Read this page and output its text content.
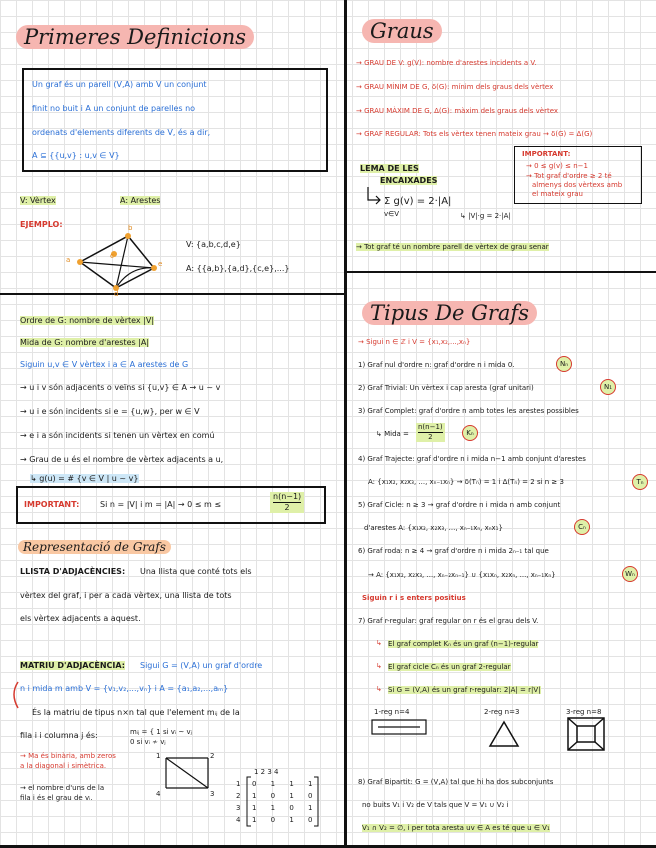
Primeres Definicions
Un graf és un parell (V,A) amb V un conjunt
finit no buit i A un conjunt de parelles no
ordenats d'elements diferents de V, és a dir,
A ⊆ {{u,v} : u,v ∈ V}
V: Vèrtex	A: Arestes
EJEMPLO:
a
b
c
d
e
V: {a,b,c,d,e}
A: {{a,b},{a,d},{c,e},...}
Ordre de G: nombre de vèrtex |V|
Mida de G: nombre d'arestes |A|
Siguin u,v ∈ V vèrtex i a ∈ A arestes de G
→ u i v són adjacents o veïns si {u,v} ∈ A → u ~ v
→ u i e són incidents si e = {u,w}, per w ∈ V
→ e i a són incidents si tenen un vèrtex en comú
→ Grau de u és el nombre de vèrtex adjacents a u,
↳ g(u) = # {v ∈ V | u ~ v}
IMPORTANT:	Si n = |V| i m = |A| → 0 ≤ m ≤	$\frac{n(n-1)}{2}$
Representació de Grafs
LLISTA D'ADJACÈNCIES: Una llista que conté tots els
vèrtex del graf, i per a cada vèrtex, una llista de tots
els vèrtex adjacents a aquest.
MATRIU D'ADJACÈNCIA: Sigui G = (V,A) un graf d'ordre
n i mida m amb V = {v₁,v₂,...,vₙ} i A = {a₁,a₂,...,aₘ}
És la matriu de tipus n×n tal que l'element mᵢⱼ de la
fila i i columna j és:	mᵢⱼ = { 1 si vᵢ ~ vⱼ
0 si vᵢ ≁ vⱼ
→ Ma és binària, amb zeros
a la diagonal i simètrica.
→ el nombre d'uns de la
fila i és el grau de vᵢ.
1	2
3
4
1 2 3 4
1 0 1 1 1
2 1 0 1 0
3 1 1 0 1
4 1 0 1 0
Graus
→ GRAU DE V: g(V): nombre d'arestes incidents a V.
→ GRAU MÍNIM DE G, δ(G): mínim dels graus dels vèrtex
→ GRAU MÀXIM DE G, Δ(G): màxim dels graus dels vèrtex
→ GRAF REGULAR: Tots els vèrtex tenen mateix grau → δ(G) = Δ(G)
IMPORTANT:
→ 0 ≤ g(v) ≤ n−1
→ Tot graf d'ordre ≥ 2 té
almenys dos vèrtexs amb
el mateix grau
LEMA DE LES
ENCAIXADES
Σ g(v) = 2·|A|
v∈V	↳ |V|·g = 2·|A|
→ Tot graf té un nombre parell de vèrtex de grau senar
Tipus De Grafs
→ Sigui n ∈ ℤ i V = {x₁,x₂,...,xₙ}
1) Graf nul d'ordre n: graf d'ordre n i mida 0.	Nₙ
2) Graf Trivial: Un vèrtex i cap aresta (graf unitari)	N₁
3) Graf Complet: graf d'ordre n amb totes les arestes possibles
↳ Mida = $\frac{n(n-1)}{2}$	Kₙ
4) Graf Trajecte: graf d'ordre n i mida n−1 amb conjunt d'arestes
A: {x₁x₂, x₂x₃, ..., xₙ₋₁xₙ} → δ(Tₙ) = 1 i Δ(Tₙ) = 2 si n ≥ 3	Tₙ
5) Graf Cicle: n ≥ 3 → graf d'ordre n i mida n amb conjunt
d'arestes A: {x₁x₂, x₂x₃, ..., xₙ₋₁xₙ, xₙx₁}	Cₙ
6) Graf roda: n ≥ 4 → graf d'ordre n i mida 2ₙ₋₁ tal que
→ A: {x₁x₂, x₂x₃, ..., xₙ₋₂xₙ₋₁} ∪ {x₁xₙ, x₂xₙ, ..., xₙ₋₁xₙ}	Wₙ
Siguin r i s enters positius
7) Graf r-regular: graf regular on r és el grau dels V.
↳ El graf complet Kₙ és un graf (n−1)-regular
↳ El graf cicle Cₙ és un graf 2-regular
↳ Si G = (V,A) és un graf r-regular: 2|A| = r|V|
1-reg n=4	2-reg n=3	3-reg n=8
8) Graf Bipartit: G = (V,A) tal que hi ha dos subconjunts
no buits V₁ i V₂ de V tals que V = V₁ ∪ V₂ i
V₁ ∩ V₂ = ∅, i per tota aresta uv ∈ A es té que u ∈ V₁
